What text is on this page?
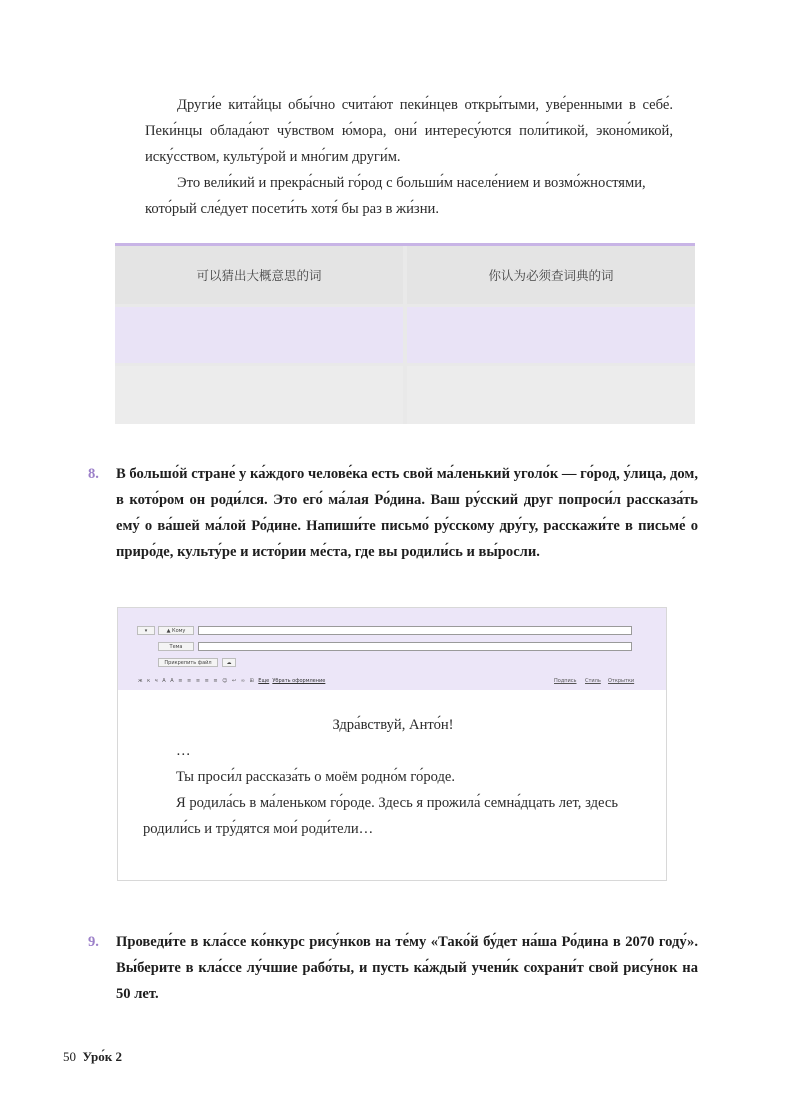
Други́е кита́йцы обы́чно счита́ют пеки́нцев откры́тыми, уве́ренными в себе́. Пеки́нцы облада́ют чу́вством ю́мора, они́ интересу́ются поли́тикой, эконо́микой, иску́сством, культу́рой и мно́гим други́м.

Это вели́кий и прекра́сный го́род с больши́м населе́нием и возмо́жностями, кото́рый сле́дует посети́ть хотя́ бы раз в жи́зни.

可以猜出大概意思的词	你认为必须查词典的词
8.	В большо́й стране́ у ка́ждого челове́ка есть свой ма́ленький уголо́к — го́род, у́лица, дом, в кото́ром он роди́лся. Это его́ ма́лая Ро́дина. Ваш ру́сский друг попроси́л рассказа́ть ему́ о ва́шей ма́лой Ро́дине. Напиши́те письмо́ ру́сскому дру́гу, расскажи́те в письме́ о приро́де, культу́ре и исто́рии ме́ста, где вы родили́сь и вы́росли.
▾	▲
Кому
Тема
Прикрепить файл	☁
ж к ч A A ≡ ≡ ≡ ≡ ≡ ☺ ↩ ∞ ⊞ Еще Убрать оформление	Подпись Стиль Открытки

Здра́вствуй, Анто́н!

…

Ты проси́л рассказа́ть о моём родно́м го́роде.

Я родила́сь в ма́леньком го́роде. Здесь я прожила́ семна́дцать лет, здесь родили́сь и тру́дятся мои́ роди́тели…

9.	Проведи́те в кла́ссе ко́нкурс рису́нков на те́му «Тако́й бу́дет на́ша Ро́дина в 2070 году́». Вы́берите в кла́ссе лу́чшие рабо́ты, и пусть ка́ждый учени́к сохрани́т свой рису́нок на 50 лет.
50 Уро́к 2
